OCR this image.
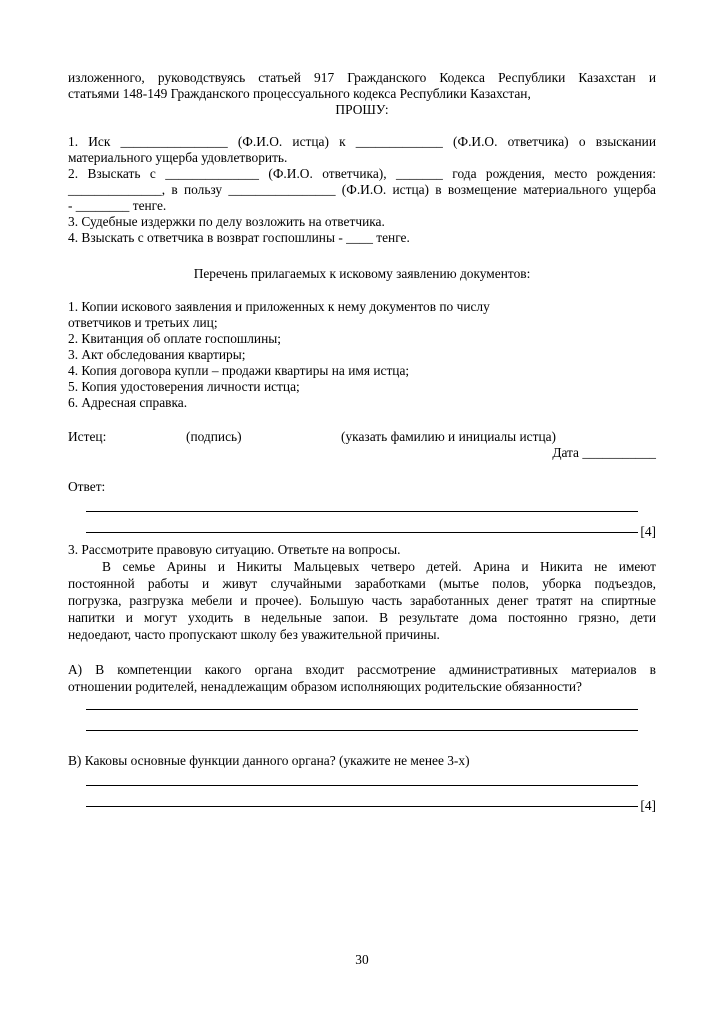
изложенного, руководствуясь статьей 917 Гражданского Кодекса Республики Казахстан и

статьями 148-149 Гражданского процессуального кодекса Республики Казахстан,

ПРОШУ:

1. Иск ________________ (Ф.И.О. истца) к _____________ (Ф.И.О. ответчика) о взыскании

материального ущерба удовлетворить.

2. Взыскать с ______________ (Ф.И.О. ответчика), _______ года рождения, место рождения:

______________, в пользу ________________ (Ф.И.О. истца) в возмещение материального ущерба

- ________ тенге.

3. Судебные издержки по делу возложить на ответчика.

4. Взыскать с ответчика в возврат госпошлины - ____ тенге.

Перечень прилагаемых к исковому заявлению документов:

1. Копии искового заявления и приложенных к нему документов по числу

ответчиков и третьих лиц;

2. Квитанция об оплате госпошлины;

3. Акт обследования квартиры;

4. Копия договора купли – продажи квартиры на имя истца;

5. Копия удостоверения личности истца;

6. Адресная справка.

Истец:	(подпись)	(указать фамилию и инициалы истца)

Дата ___________

Ответ:

[4]

3. Рассмотрите правовую ситуацию. Ответьте на вопросы.

В семье Арины и Никиты Мальцевых четверо детей. Арина и Никита не имеют

постоянной работы и живут случайными заработками (мытье полов, уборка подъездов,

погрузка, разгрузка мебели и прочее). Большую часть заработанных денег тратят на спиртные

напитки и могут уходить в недельные запои. В результате дома постоянно грязно, дети

недоедают, часто пропускают школу без уважительной причины.

А) В компетенции какого органа входит рассмотрение административных материалов в

отношении родителей, ненадлежащим образом исполняющих родительские обязанности?

В) Каковы основные функции данного органа? (укажите не менее 3-х)

[4]
30
